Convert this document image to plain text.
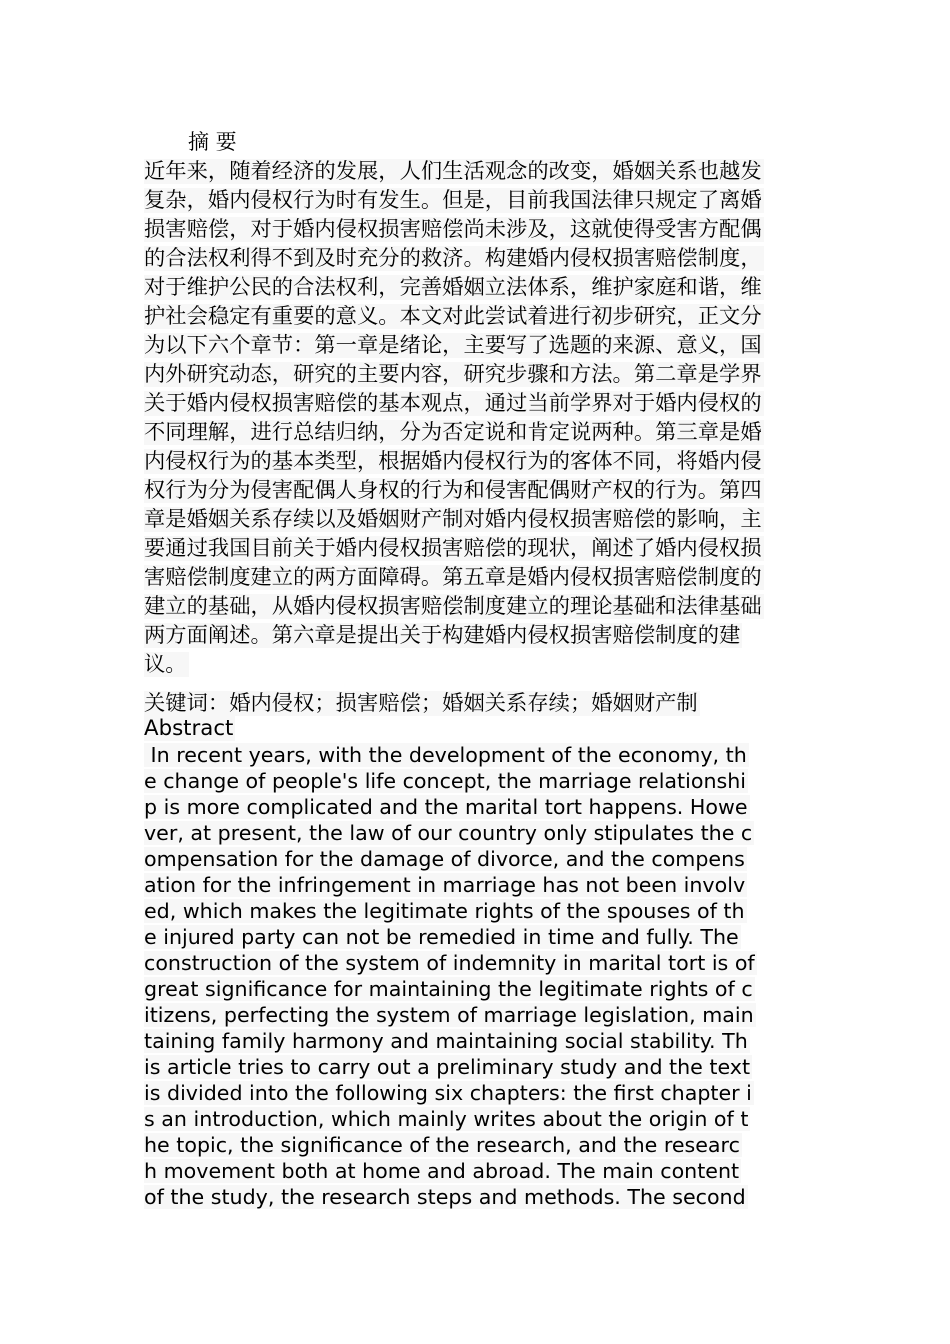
摘 要
近年来，随着经济的发展，人们生活观念的改变，婚姻关系也越发
复杂，婚内侵权行为时有发生。但是，目前我国法律只规定了离婚
损害赔偿，对于婚内侵权损害赔偿尚未涉及，这就使得受害方配偶
的合法权利得不到及时充分的救济。构建婚内侵权损害赔偿制度，
对于维护公民的合法权利，完善婚姻立法体系，维护家庭和谐，维
护社会稳定有重要的意义。本文对此尝试着进行初步研究，正文分
为以下六个章节：第一章是绪论，主要写了选题的来源、意义，国
内外研究动态，研究的主要内容，研究步骤和方法。第二章是学界
关于婚内侵权损害赔偿的基本观点，通过当前学界对于婚内侵权的
不同理解，进行总结归纳，分为否定说和肯定说两种。第三章是婚
内侵权行为的基本类型，根据婚内侵权行为的客体不同，将婚内侵
权行为分为侵害配偶人身权的行为和侵害配偶财产权的行为。第四
章是婚姻关系存续以及婚姻财产制对婚内侵权损害赔偿的影响，主
要通过我国目前关于婚内侵权损害赔偿的现状，阐述了婚内侵权损
害赔偿制度建立的两方面障碍。第五章是婚内侵权损害赔偿制度的
建立的基础，从婚内侵权损害赔偿制度建立的理论基础和法律基础
两方面阐述。第六章是提出关于构建婚内侵权损害赔偿制度的建
议。
关键词：婚内侵权；损害赔偿；婚姻关系存续；婚姻财产制
Abstract
In recent years, with the development of the economy, th
e change of people's life concept, the marriage relationshi
p is more complicated and the marital tort happens. Howe
ver, at present, the law of our country only stipulates the c
ompensation for the damage of divorce, and the compens
ation for the infringement in marriage has not been involv
ed, which makes the legitimate rights of the spouses of th
e injured party can not be remedied in time and fully. The
construction of the system of indemnity in marital tort is of
great significance for maintaining the legitimate rights of c
itizens, perfecting the system of marriage legislation, main
taining family harmony and maintaining social stability. Th
is article tries to carry out a preliminary study and the text
is divided into the following six chapters: the first chapter i
s an introduction, which mainly writes about the origin of t
he topic, the significance of the research, and the researc
h movement both at home and abroad. The main content
of the study, the research steps and methods. The second
